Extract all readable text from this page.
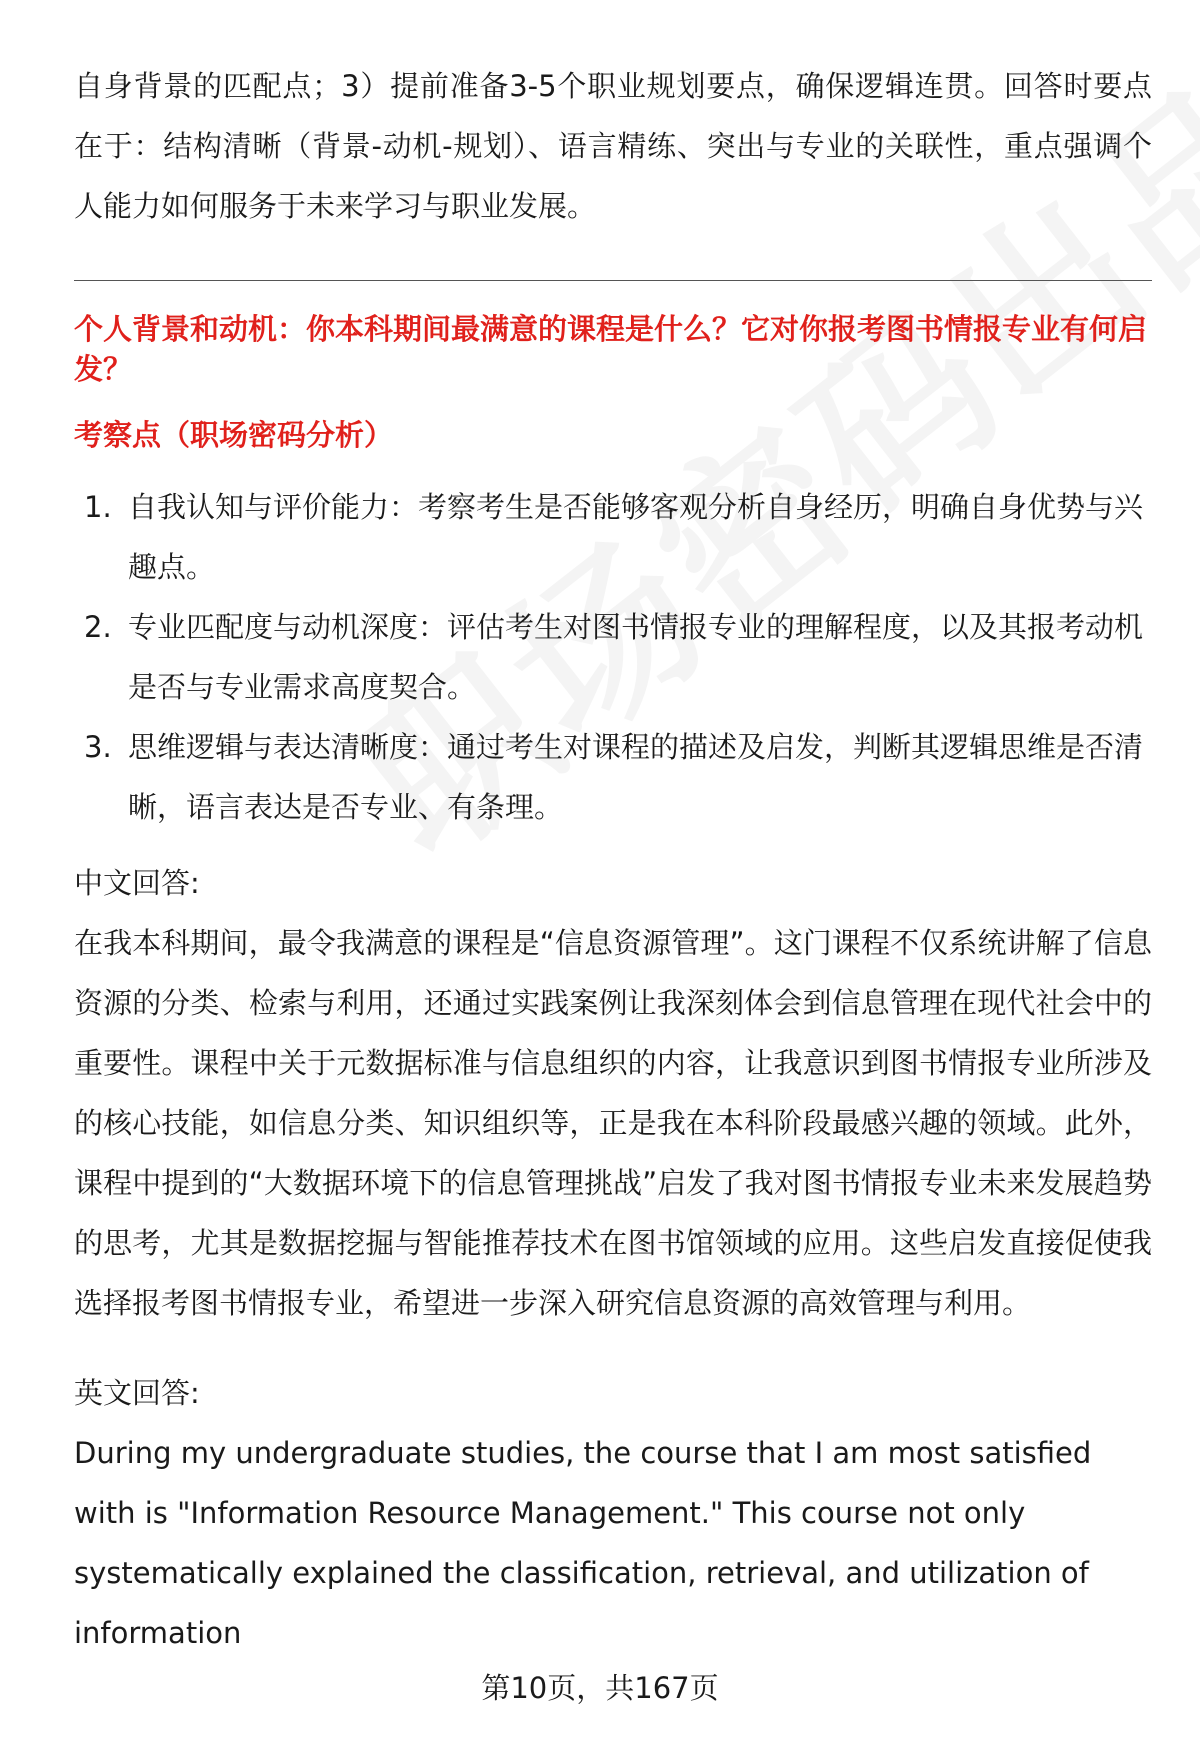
自身背景的匹配点；3）提前准备3-5个职业规划要点，确保逻辑连贯。回答时要点在于：结构清晰（背景-动机-规划）、语言精练、突出与专业的关联性，重点强调个人能力如何服务于未来学习与职业发展。

个人背景和动机：你本科期间最满意的课程是什么？它对你报考图书情报专业有何启发？

考察点（职场密码分析）

1. 自我认知与评价能力：考察考生是否能够客观分析自身经历，明确自身优势与兴趣点。
2. 专业匹配度与动机深度：评估考生对图书情报专业的理解程度，以及其报考动机是否与专业需求高度契合。
3. 思维逻辑与表达清晰度：通过考生对课程的描述及启发，判断其逻辑思维是否清晰，语言表达是否专业、有条理。

中文回答:

在我本科期间，最令我满意的课程是“信息资源管理”。这门课程不仅系统讲解了信息资源的分类、检索与利用，还通过实践案例让我深刻体会到信息管理在现代社会中的重要性。课程中关于元数据标准与信息组织的内容，让我意识到图书情报专业所涉及的核心技能，如信息分类、知识组织等，正是我在本科阶段最感兴趣的领域。此外，课程中提到的“大数据环境下的信息管理挑战”启发了我对图书情报专业未来发展趋势的思考，尤其是数据挖掘与智能推荐技术在图书馆领域的应用。这些启发直接促使我选择报考图书情报专业，希望进一步深入研究信息资源的高效管理与利用。

英文回答:

During my undergraduate studies, the course that I am most satisfied with is "Information Resource Management." This course not only systematically explained the classification, retrieval, and utilization of information

第10页，共167页
